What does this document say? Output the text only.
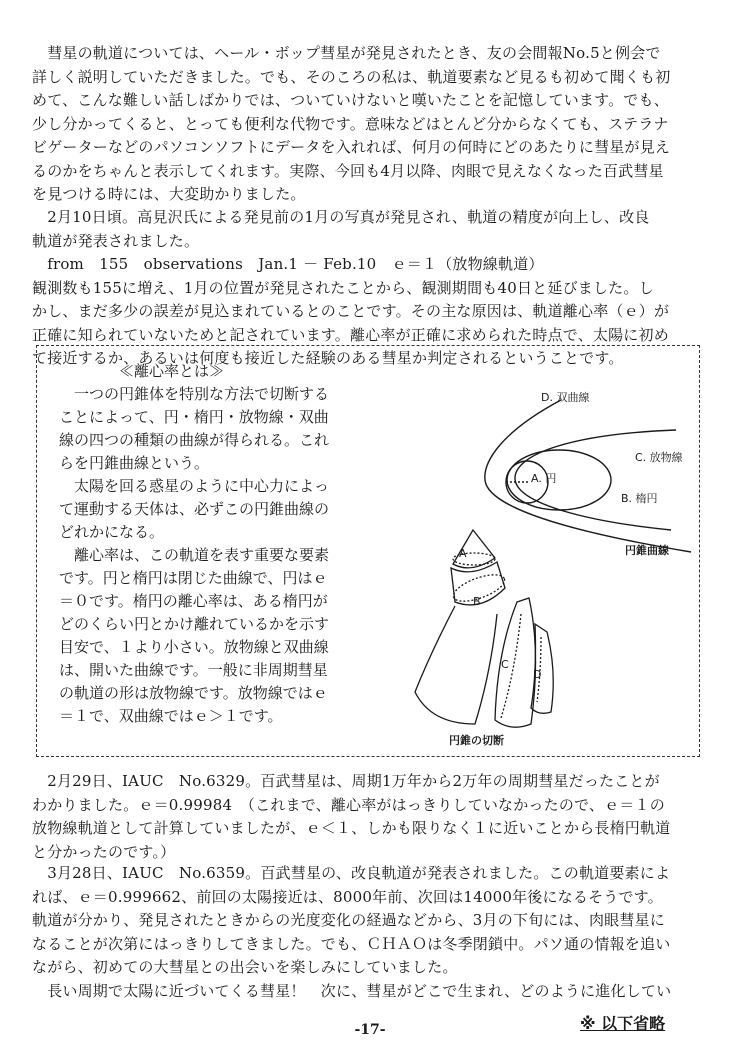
　彗星の軌道については、ヘール・ボップ彗星が発見されたとき、友の会間報No.5と例会で
詳しく説明していただきました。でも、そのころの私は、軌道要素など見るも初めて聞くも初
めて、こんな難しい話しばかりでは、ついていけないと嘆いたことを記憶しています。でも、
少し分かってくると、とっても便利な代物です。意味などはとんど分からなくても、ステラナ
ビゲーターなどのパソコンソフトにデータを入れれば、何月の何時にどのあたりに彗星が見え
るのかをちゃんと表示してくれます。実際、今回も4月以降、肉眼で見えなくなった百武彗星
を見つける時には、大変助かりました。
　2月10日頃。高見沢氏による発見前の1月の写真が発見され、軌道の精度が向上し、改良
軌道が発表されました。
　from　155　observations　Jan.1 － Feb.10　ｅ＝１（放物線軌道）
観測数も155に増え、1月の位置が発見されたことから、観測期間も40日と延びました。し
かし、まだ多少の誤差が見込まれているとのことです。その主な原因は、軌道離心率（ｅ）が
正確に知られていないためと記されています。離心率が正確に求められた時点で、太陽に初め
て接近するか、あるいは何度も接近した経験のある彗星か判定されるということです。
≪離心率とは≫
　一つの円錐体を特別な方法で切断する
ことによって、円・楕円・放物線・双曲
線の四つの種類の曲線が得られる。これ
らを円錐曲線という。
　太陽を回る惑星のように中心力によっ
て運動する天体は、必ずこの円錐曲線の
どれかになる。
　離心率は、この軌道を表す重要な要素
です。円と楕円は閉じた曲線で、円はｅ
＝０です。楕円の離心率は、ある楕円が
どのくらい円とかけ離れているかを示す
目安で、１より小さい。放物線と双曲線
は、開いた曲線です。一般に非周期彗星
の軌道の形は放物線です。放物線ではｅ
＝１で、双曲線ではｅ＞１です。
D. 双曲線
C. 放物線
A. 円
B. 楕円
円錐曲線
A
B
C
D
円錐の切断
　2月29日、IAUC　No.6329。百武彗星は、周期1万年から2万年の周期彗星だったことが
わかりました。ｅ＝0.99984　（これまで、離心率がはっきりしていなかったので、ｅ＝１の
放物線軌道として計算していましたが、ｅ＜１、しかも限りなく１に近いことから長楕円軌道
と分かったのです。）
　3月28日、IAUC　No.6359。百武彗星の、改良軌道が発表されました。この軌道要素によ
れば、ｅ＝0.999662、前回の太陽接近は、8000年前、次回は14000年後になるそうです。
軌道が分かり、発見されたときからの光度変化の経過などから、3月の下旬には、肉眼彗星に
なることが次第にはっきりしてきました。でも、ＣＨＡＯは冬季閉鎖中。パソ通の情報を追い
ながら、初めての大彗星との出会いを楽しみにしていました。
　長い周期で太陽に近づいてくる彗星！　次に、彗星がどこで生まれ、どのように進化してい
※ 以下省略
-17-
